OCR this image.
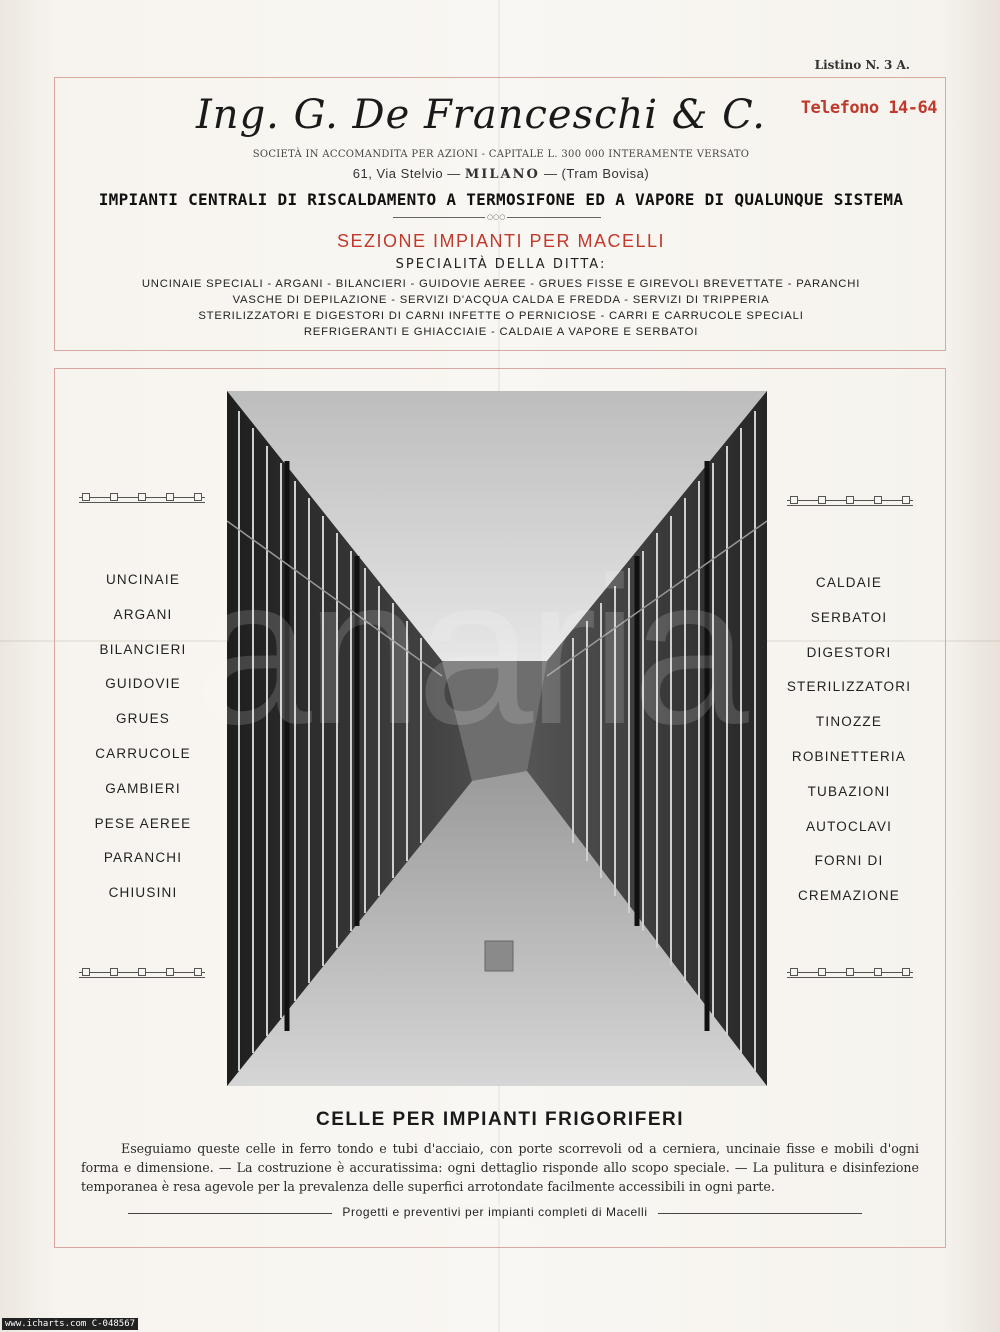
Listino N. 3 A.
Ing. G. De Franceschi & C.	Telefono 14-64
SOCIETÀ IN ACCOMANDITA PER AZIONI - CAPITALE L. 300 000 INTERAMENTE VERSATO
61, Via Stelvio — MILANO — (Tram Bovisa)
IMPIANTI CENTRALI DI RISCALDAMENTO A TERMOSIFONE ED A VAPORE DI QUALUNQUE SISTEMA
○○○
SEZIONE IMPIANTI PER MACELLI
SPECIALITÀ DELLA DITTA:
UNCINAIE SPECIALI - ARGANI - BILANCIERI - GUIDOVIE AEREE - GRUES FISSE E GIREVOLI BREVETTATE - PARANCHI
VASCHE DI DEPILAZIONE - SERVIZI D'ACQUA CALDA E FREDDA - SERVIZI DI TRIPPERIA
STERILIZZATORI E DIGESTORI DI CARNI INFETTE O PERNICIOSE - CARRI E CARRUCOLE SPECIALI
REFRIGERANTI E GHIACCIAIE - CALDAIE A VAPORE E SERBATOI
UNCINAIE
ARGANI
BILANCIERI
GUIDOVIE
GRUES
CARRUCOLE
GAMBIERI
PESE AEREE
PARANCHI
CHIUSINI
CALDAIE
SERBATOI
DIGESTORI
STERILIZZATORI
TINOZZE
ROBINETTERIA
TUBAZIONI
AUTOCLAVI
FORNI DI
CREMAZIONE
CELLE PER IMPIANTI FRIGORIFERI
Eseguiamo queste celle in ferro tondo e tubi d'acciaio, con porte scorrevoli od a cerniera, uncinaie fisse e mobili d'ogni forma e dimensione. — La costruzione è accuratissima: ogni dettaglio risponde allo scopo speciale. — La pulitura e disinfezione temporanea è resa agevole per la prevalenza delle superfici arrotondate facilmente accessibili in ogni parte.
Progetti e preventivi per impianti completi di Macelli
www.icharts.com C-048567
